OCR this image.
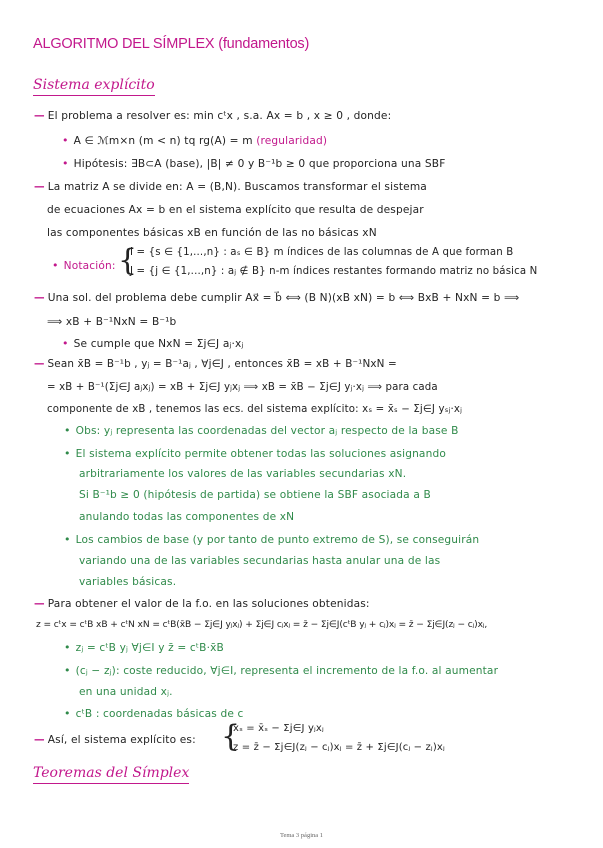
ALGORITMO DEL SÍMPLEX (fundamentos)
Sistema explícito
— El problema a resolver es: min cᵗx , s.a. Ax = b , x ≥ 0 , donde:
• A ∈ ℳm×n (m < n) tq rg(A) = m (regularidad)
• Hipótesis: ∃B⊂A (base), |B| ≠ 0 y B⁻¹b ≥ 0 que proporciona una SBF
— La matriz A se divide en: A = (B,N). Buscamos transformar el sistema
de ecuaciones Ax = b en el sistema explícito que resulta de despejar
las componentes básicas xB en función de las no básicas xN
• Notación: {
I = {s ∈ {1,...,n} : aₛ ∈ B} m índices de las columnas de A que forman B
J = {j ∈ {1,...,n} : aⱼ ∉ B} n-m índices restantes formando matriz no básica N
— Una sol. del problema debe cumplir Ax⃗ = b⃗ ⟺ (B N)(xB xN) = b ⟺ BxB + NxN = b ⟹
⟹ xB + B⁻¹NxN = B⁻¹b
• Se cumple que NxN = Σj∈J aⱼ·xⱼ
— Sean x̄B = B⁻¹b , yⱼ = B⁻¹aⱼ , ∀j∈J , entonces x̄B = xB + B⁻¹NxN =
= xB + B⁻¹(Σj∈J aⱼxⱼ) = xB + Σj∈J yⱼxⱼ ⟹ xB = x̄B − Σj∈J yⱼ·xⱼ ⟹ para cada
componente de xB , tenemos las ecs. del sistema explícito: xₛ = x̄ₛ − Σj∈J yₛⱼ·xⱼ
• Obs: yⱼ representa las coordenadas del vector aⱼ respecto de la base B
• El sistema explícito permite obtener todas las soluciones asignando
arbitrariamente los valores de las variables secundarias xN.
Si B⁻¹b ≥ 0 (hipótesis de partida) se obtiene la SBF asociada a B
anulando todas las componentes de xN
• Los cambios de base (y por tanto de punto extremo de S), se conseguirán
variando una de las variables secundarias hasta anular una de las
variables básicas.
— Para obtener el valor de la f.o. en las soluciones obtenidas:
z = cᵗx = cᵗB xB + cᵗN xN = cᵗB(x̄B − Σj∈J yⱼxⱼ) + Σj∈J cⱼxⱼ = z̄ − Σj∈J(cᵗB yⱼ + cⱼ)xⱼ = z̄ − Σj∈J(zⱼ − cⱼ)xⱼ,
• zⱼ = cᵗB yⱼ ∀j∈I y z̄ = cᵗB·x̄B
• (cⱼ − zⱼ): coste reducido, ∀j∈I, representa el incremento de la f.o. al aumentar
en una unidad xⱼ.
• cᵗB : coordenadas básicas de c
— Así, el sistema explícito es: {
xₛ = x̄ₛ − Σj∈J yⱼxⱼ
z = z̄ − Σj∈J(zⱼ − cⱼ)xⱼ = z̄ + Σj∈J(cⱼ − zⱼ)xⱼ
Teoremas del Símplex
Tema 3 página 1
